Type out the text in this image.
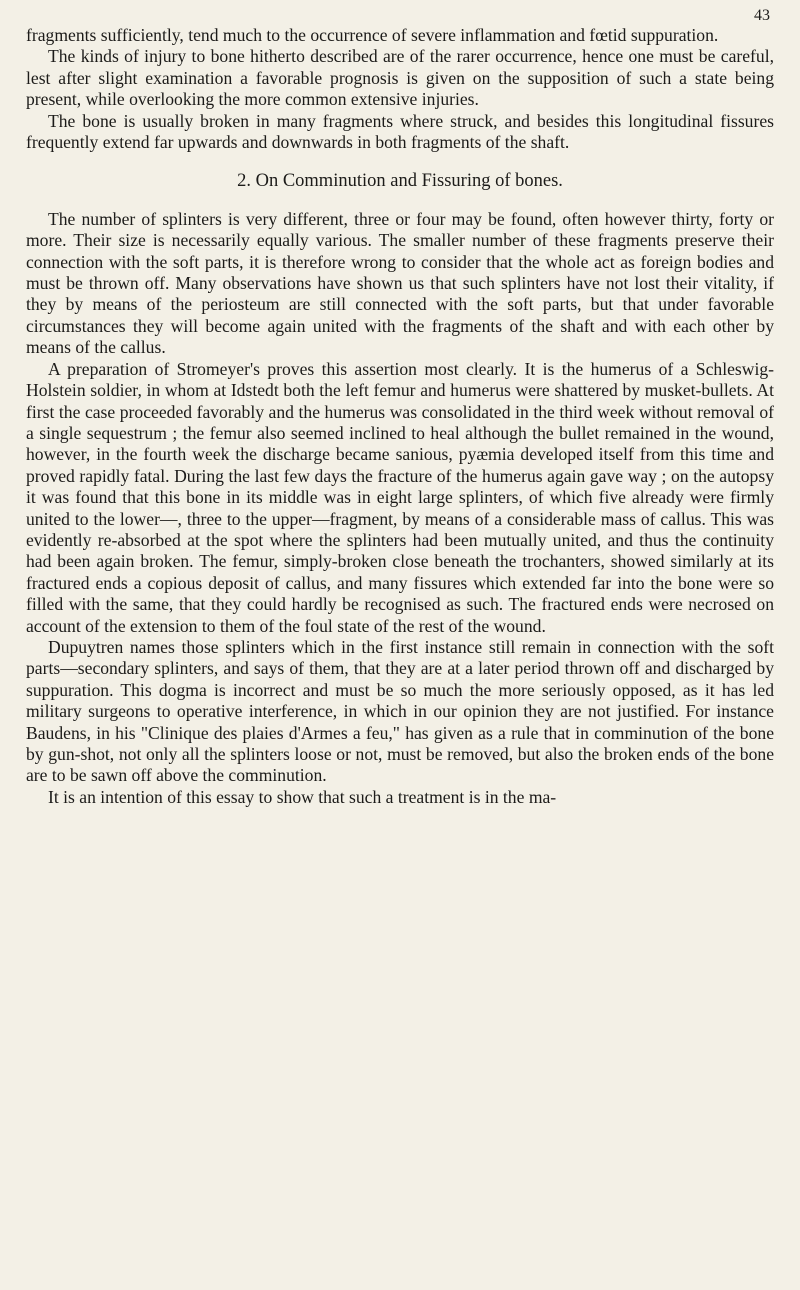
43

fragments sufficiently, tend much to the occurrence of severe inflammation and fœtid suppuration.

The kinds of injury to bone hitherto described are of the rarer occurrence, hence one must be careful, lest after slight examination a favorable prognosis is given on the supposition of such a state being present, while overlooking the more common extensive injuries.

The bone is usually broken in many fragments where struck, and besides this longitudinal fissures frequently extend far upwards and downwards in both fragments of the shaft.

2. On Comminution and Fissuring of bones.

The number of splinters is very different, three or four may be found, often however thirty, forty or more. Their size is necessarily equally various. The smaller number of these fragments preserve their connection with the soft parts, it is therefore wrong to consider that the whole act as foreign bodies and must be thrown off. Many observations have shown us that such splinters have not lost their vitality, if they by means of the periosteum are still connected with the soft parts, but that under favorable circumstances they will become again united with the fragments of the shaft and with each other by means of the callus.

A preparation of Stromeyer's proves this assertion most clearly. It is the humerus of a Schleswig-Holstein soldier, in whom at Idstedt both the left femur and humerus were shattered by musket-bullets. At first the case proceeded favorably and the humerus was consolidated in the third week without removal of a single sequestrum ; the femur also seemed inclined to heal although the bullet remained in the wound, however, in the fourth week the discharge became sanious, pyæmia developed itself from this time and proved rapidly fatal. During the last few days the fracture of the humerus again gave way ; on the autopsy it was found that this bone in its middle was in eight large splinters, of which five already were firmly united to the lower—, three to the upper—fragment, by means of a considerable mass of callus. This was evidently re-absorbed at the spot where the splinters had been mutually united, and thus the continuity had been again broken. The femur, simply-broken close beneath the trochanters, showed similarly at its fractured ends a copious deposit of callus, and many fissures which extended far into the bone were so filled with the same, that they could hardly be recognised as such. The fractured ends were necrosed on account of the extension to them of the foul state of the rest of the wound.

Dupuytren names those splinters which in the first instance still remain in connection with the soft parts—secondary splinters, and says of them, that they are at a later period thrown off and discharged by suppuration. This dogma is incorrect and must be so much the more seriously opposed, as it has led military surgeons to operative interference, in which in our opinion they are not justified. For instance Baudens, in his "Clinique des plaies d'Armes a feu," has given as a rule that in comminution of the bone by gun-shot, not only all the splinters loose or not, must be removed, but also the broken ends of the bone are to be sawn off above the comminution.

It is an intention of this essay to show that such a treatment is in the ma-
